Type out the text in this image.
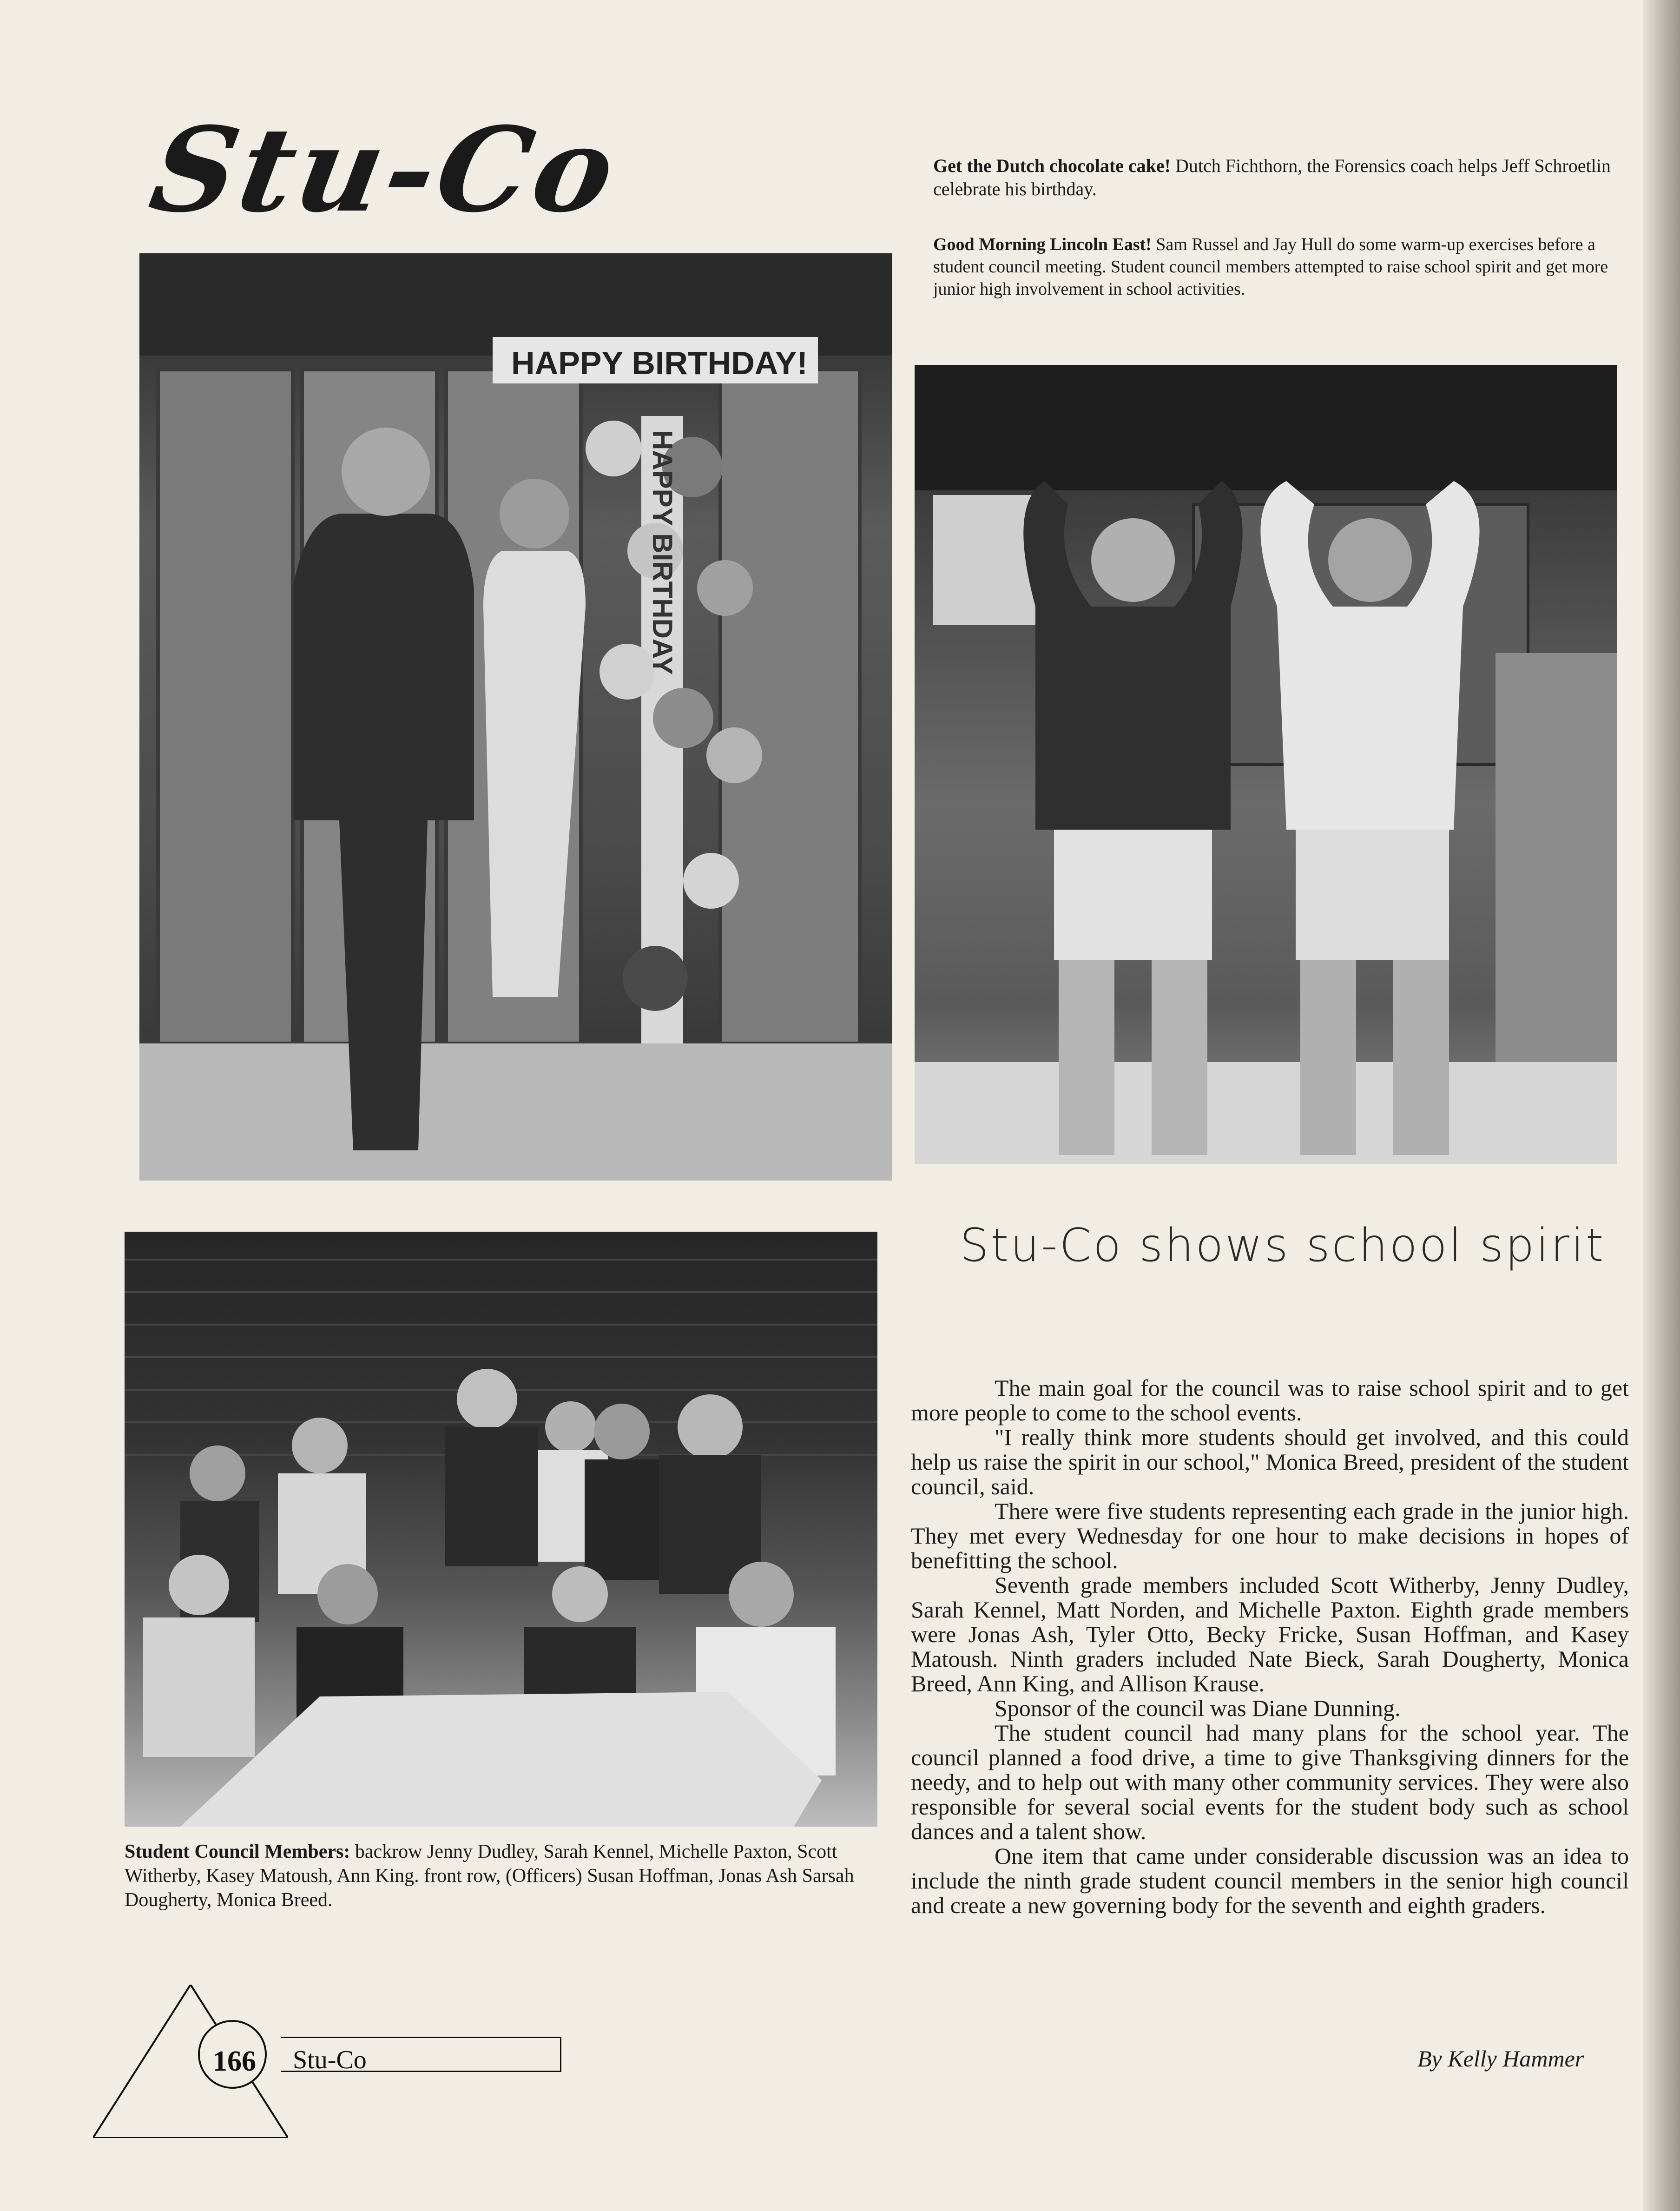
Stu-Co
HAPPY BIRTHDAY!
HAPPY BIRTHDAY
Get the Dutch chocolate cake! Dutch Fichthorn, the Forensics coach helps Jeff Schroetlin celebrate his birthday.
Good Morning Lincoln East! Sam Russel and Jay Hull do some warm-up exercises before a student council meeting. Student council members attempted to raise school spirit and get more junior high involvement in school activities.
Student Council Members: backrow Jenny Dudley, Sarah Kennel, Michelle Paxton, Scott Witherby, Kasey Matoush, Ann King. front row, (Officers) Susan Hoffman, Jonas Ash Sarsah Dougherty, Monica Breed.
Stu-Co shows school spirit

The main goal for the council was to raise school spirit and to get more people to come to the school events.

"I really think more students should get involved, and this could help us raise the spirit in our school," Monica Breed, president of the student council, said.

There were five students representing each grade in the junior high. They met every Wednesday for one hour to make decisions in hopes of benefitting the school.

Seventh grade members included Scott Witherby, Jenny Dudley, Sarah Kennel, Matt Norden, and Michelle Paxton. Eighth grade members were Jonas Ash, Tyler Otto, Becky Fricke, Susan Hoffman, and Kasey Matoush. Ninth graders included Nate Bieck, Sarah Dougherty, Monica Breed, Ann King, and Allison Krause.

Sponsor of the council was Diane Dunning.

The student council had many plans for the school year. The council planned a food drive, a time to give Thanksgiving dinners for the needy, and to help out with many other community services. They were also responsible for several social events for the student body such as school dances and a talent show.

One item that came under considerable discussion was an idea to include the ninth grade student council members in the senior high council and create a new governing body for the seventh and eighth graders.

By Kelly Hammer
166 Stu-Co
